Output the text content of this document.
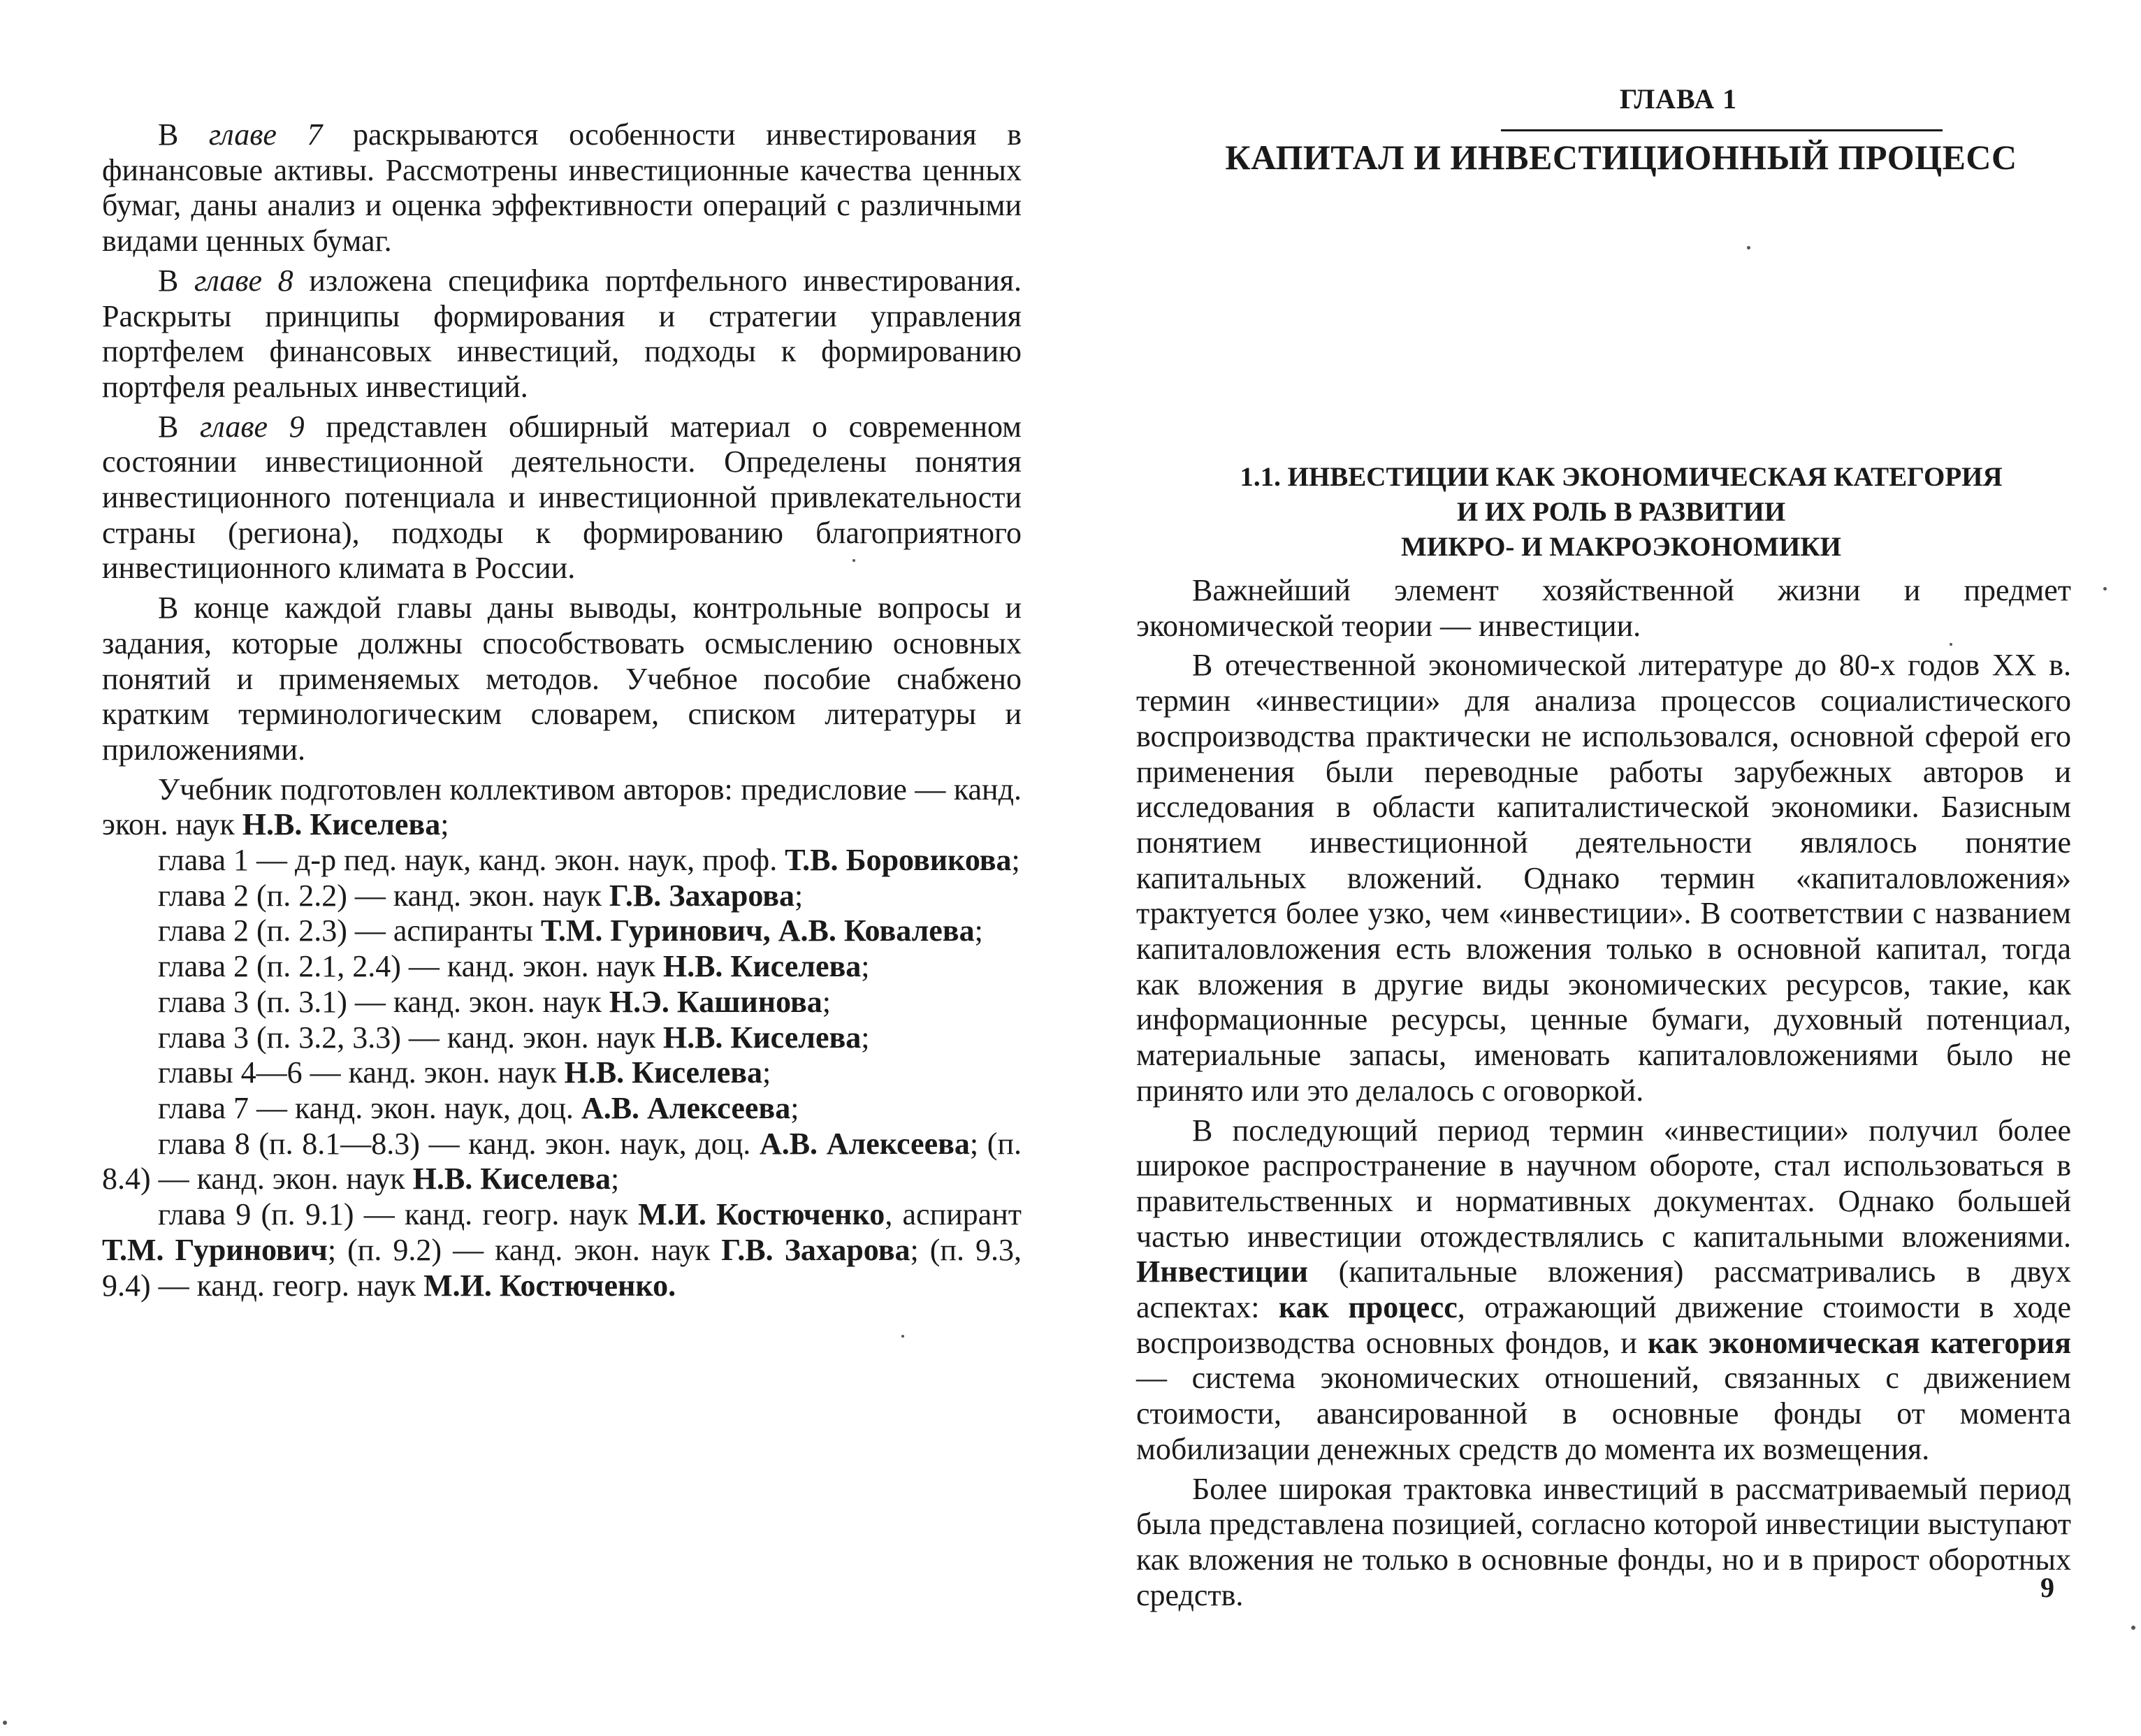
В главе 7 раскрываются особенности инвестирования в финансовые активы. Рассмотрены инвестиционные качества ценных бумаг, даны анализ и оценка эффективности операций с различными видами ценных бумаг.

В главе 8 изложена специфика портфельного инвестирования. Раскрыты принципы формирования и стратегии управления портфелем финансовых инвестиций, подходы к формированию портфеля реальных инвестиций.

В главе 9 представлен обширный материал о современном состоянии инвестиционной деятельности. Определены понятия инвестиционного потенциала и инвестиционной привлекательности страны (региона), подходы к формированию благоприятного инвестиционного климата в России.

В конце каждой главы даны выводы, контрольные вопросы и задания, которые должны способствовать осмыслению основных понятий и применяемых методов. Учебное пособие снабжено кратким терминологическим словарем, списком литературы и приложениями.

Учебник подготовлен коллективом авторов: предисловие — канд. экон. наук Н.В. Киселева;

глава 1 — д-р пед. наук, канд. экон. наук, проф. Т.В. Боровикова;

глава 2 (п. 2.2) — канд. экон. наук Г.В. Захарова;

глава 2 (п. 2.3) — аспиранты Т.М. Гуринович, А.В. Ковалева;

глава 2 (п. 2.1, 2.4) — канд. экон. наук Н.В. Киселева;

глава 3 (п. 3.1) — канд. экон. наук Н.Э. Кашинова;

глава 3 (п. 3.2, 3.3) — канд. экон. наук Н.В. Киселева;

главы 4—6 — канд. экон. наук Н.В. Киселева;

глава 7 — канд. экон. наук, доц. А.В. Алексеева;

глава 8 (п. 8.1—8.3) — канд. экон. наук, доц. А.В. Алексеева; (п. 8.4) — канд. экон. наук Н.В. Киселева;

глава 9 (п. 9.1) — канд. геогр. наук М.И. Костюченко, аспирант Т.М. Гуринович; (п. 9.2) — канд. экон. наук Г.В. Захарова; (п. 9.3, 9.4) — канд. геогр. наук М.И. Костюченко.

ГЛАВА 1
КАПИТАЛ И ИНВЕСТИЦИОННЫЙ ПРОЦЕСС
1.1. ИНВЕСТИЦИИ КАК ЭКОНОМИЧЕСКАЯ КАТЕГОРИЯ
И ИХ РОЛЬ В РАЗВИТИИ
МИКРО- И МАКРОЭКОНОМИКИ

Важнейший элемент хозяйственной жизни и предмет экономической теории — инвестиции.

В отечественной экономической литературе до 80-х годов XX в. термин «инвестиции» для анализа процессов социалистического воспроизводства практически не использовался, основной сферой его применения были переводные работы зарубежных авторов и исследования в области капиталистической экономики. Базисным понятием инвестиционной деятельности являлось понятие капитальных вложений. Однако термин «капиталовложения» трактуется более узко, чем «инвестиции». В соответствии с названием капиталовложения есть вложения только в основной капитал, тогда как вложения в другие виды экономических ресурсов, такие, как информационные ресурсы, ценные бумаги, духовный потенциал, материальные запасы, именовать капиталовложениями было не принято или это делалось с оговоркой.

В последующий период термин «инвестиции» получил более широкое распространение в научном обороте, стал использоваться в правительственных и нормативных документах. Однако большей частью инвестиции отождествлялись с капитальными вложениями. Инвестиции (капитальные вложения) рассматривались в двух аспектах: как процесс, отражающий движение стоимости в ходе воспроизводства основных фондов, и как экономическая категория — система экономических отношений, связанных с движением стоимости, авансированной в основные фонды от момента мобилизации денежных средств до момента их возмещения.

Более широкая трактовка инвестиций в рассматриваемый период была представлена позицией, согласно которой инвестиции выступают как вложения не только в основные фонды, но и в прирост оборотных средств.	9
